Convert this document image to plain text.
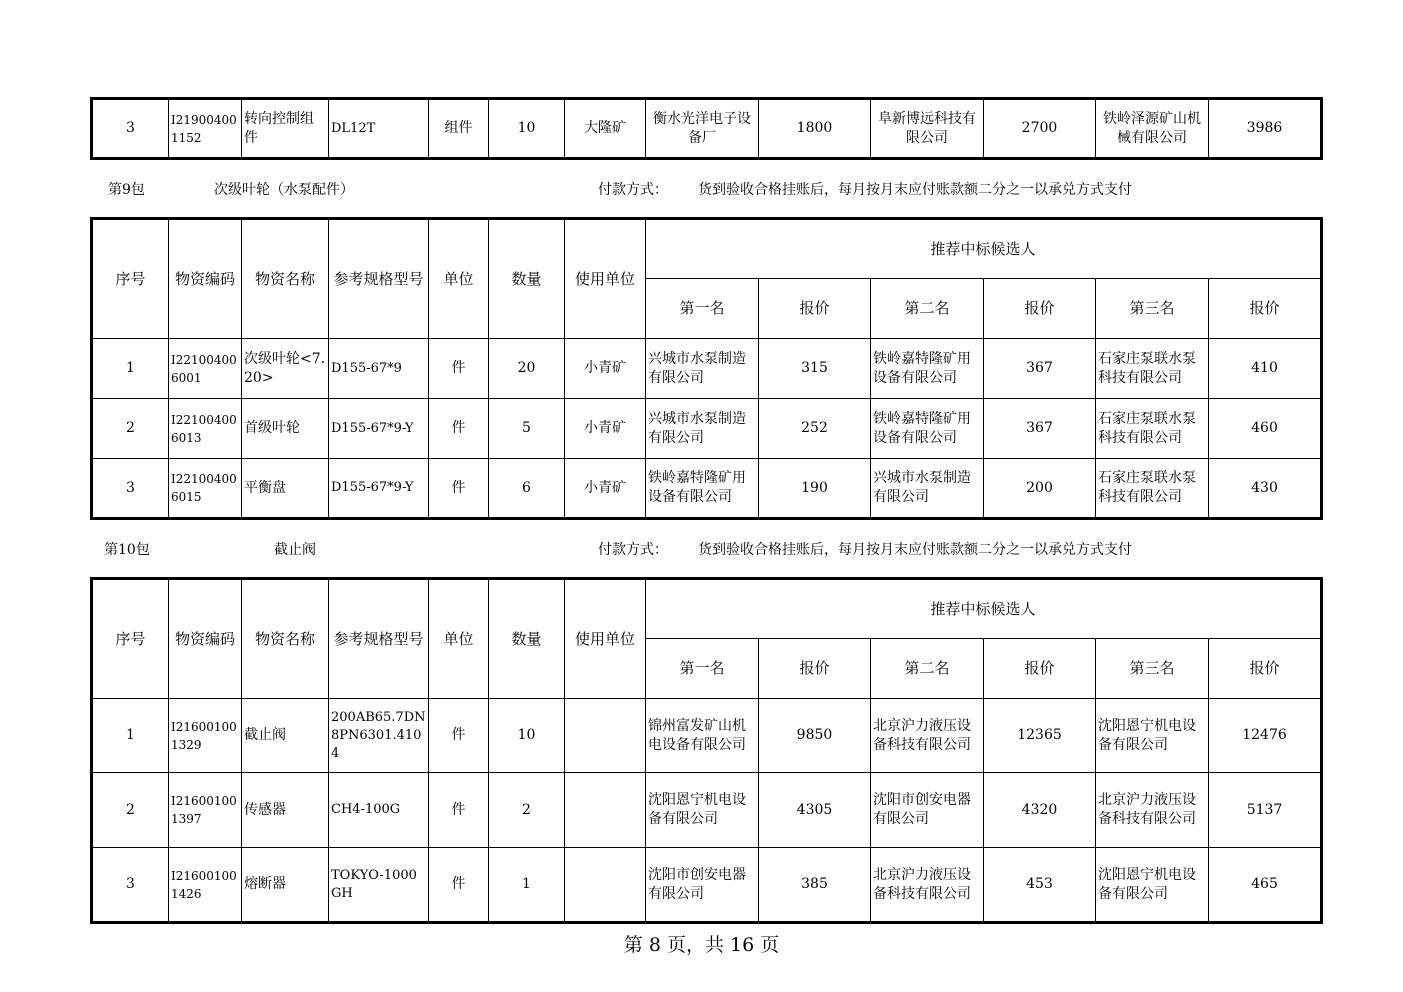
3	I219004001152	转向控制组件	DL12T	组件	10	大隆矿	衡水光洋电子设备厂	1800	阜新博远科技有限公司	2700	铁岭泽源矿山机械有限公司	3986
第9包	次级叶轮（水泵配件）	付款方式： 货到验收合格挂账后，每月按月末应付账款额二分之一以承兑方式支付
序号	物资编码	物资名称	参考规格型号	单位	数量	使用单位	推荐中标候选人					
							第一名	报价	第二名	报价	第三名	报价
1	I221004006001	次级叶轮<7.20>	D155-67*9	件	20	小青矿	兴城市水泵制造有限公司	315	铁岭嘉特隆矿用设备有限公司	367	石家庄泵联水泵科技有限公司	410
2	I221004006013	首级叶轮	D155-67*9-Y	件	5	小青矿	兴城市水泵制造有限公司	252	铁岭嘉特隆矿用设备有限公司	367	石家庄泵联水泵科技有限公司	460
3	I221004006015	平衡盘	D155-67*9-Y	件	6	小青矿	铁岭嘉特隆矿用设备有限公司	190	兴城市水泵制造有限公司	200	石家庄泵联水泵科技有限公司	430
第10包	截止阀	付款方式： 货到验收合格挂账后，每月按月末应付账款额二分之一以承兑方式支付
序号	物资编码	物资名称	参考规格型号	单位	数量	使用单位	推荐中标候选人					
							第一名	报价	第二名	报价	第三名	报价
1	I216001001329	截止阀	200AB65.7DN8PN6301.4104	件	10		锦州富发矿山机电设备有限公司	9850	北京沪力液压设备科技有限公司	12365	沈阳恩宁机电设备有限公司	12476
2	I216001001397	传感器	CH4-100G	件	2		沈阳恩宁机电设备有限公司	4305	沈阳市创安电器有限公司	4320	北京沪力液压设备科技有限公司	5137
3	I216001001426	熔断器	TOKYO-1000GH	件	1		沈阳市创安电器有限公司	385	北京沪力液压设备科技有限公司	453	沈阳恩宁机电设备有限公司	465
第 8 页，共 16 页
